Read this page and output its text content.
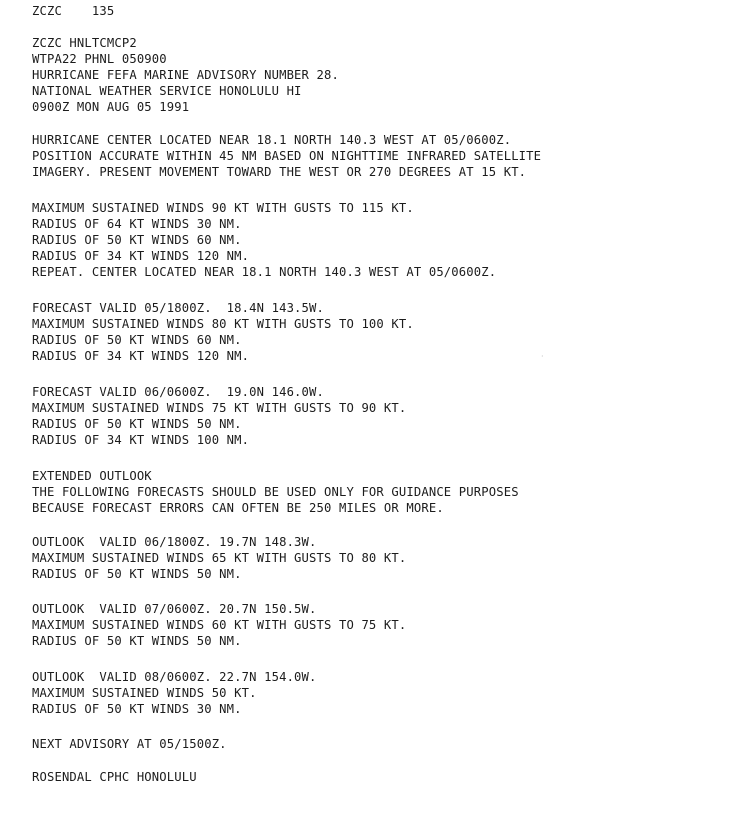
ZCZC    135
ZCZC HNLTCMCP2
WTPA22 PHNL 050900
HURRICANE FEFA MARINE ADVISORY NUMBER 28.
NATIONAL WEATHER SERVICE HONOLULU HI
0900Z MON AUG 05 1991
HURRICANE CENTER LOCATED NEAR 18.1 NORTH 140.3 WEST AT 05/0600Z.
POSITION ACCURATE WITHIN 45 NM BASED ON NIGHTTIME INFRARED SATELLITE
IMAGERY. PRESENT MOVEMENT TOWARD THE WEST OR 270 DEGREES AT 15 KT.
MAXIMUM SUSTAINED WINDS 90 KT WITH GUSTS TO 115 KT.
RADIUS OF 64 KT WINDS 30 NM.
RADIUS OF 50 KT WINDS 60 NM.
RADIUS OF 34 KT WINDS 120 NM.
REPEAT. CENTER LOCATED NEAR 18.1 NORTH 140.3 WEST AT 05/0600Z.
FORECAST VALID 05/1800Z.  18.4N 143.5W.
MAXIMUM SUSTAINED WINDS 80 KT WITH GUSTS TO 100 KT.
RADIUS OF 50 KT WINDS 60 NM.
RADIUS OF 34 KT WINDS 120 NM.
FORECAST VALID 06/0600Z.  19.0N 146.0W.
MAXIMUM SUSTAINED WINDS 75 KT WITH GUSTS TO 90 KT.
RADIUS OF 50 KT WINDS 50 NM.
RADIUS OF 34 KT WINDS 100 NM.
EXTENDED OUTLOOK
THE FOLLOWING FORECASTS SHOULD BE USED ONLY FOR GUIDANCE PURPOSES
BECAUSE FORECAST ERRORS CAN OFTEN BE 250 MILES OR MORE.
OUTLOOK  VALID 06/1800Z. 19.7N 148.3W.
MAXIMUM SUSTAINED WINDS 65 KT WITH GUSTS TO 80 KT.
RADIUS OF 50 KT WINDS 50 NM.
OUTLOOK  VALID 07/0600Z. 20.7N 150.5W.
MAXIMUM SUSTAINED WINDS 60 KT WITH GUSTS TO 75 KT.
RADIUS OF 50 KT WINDS 50 NM.
OUTLOOK  VALID 08/0600Z. 22.7N 154.0W.
MAXIMUM SUSTAINED WINDS 50 KT.
RADIUS OF 50 KT WINDS 30 NM.
NEXT ADVISORY AT 05/1500Z.
ROSENDAL CPHC HONOLULU
·
